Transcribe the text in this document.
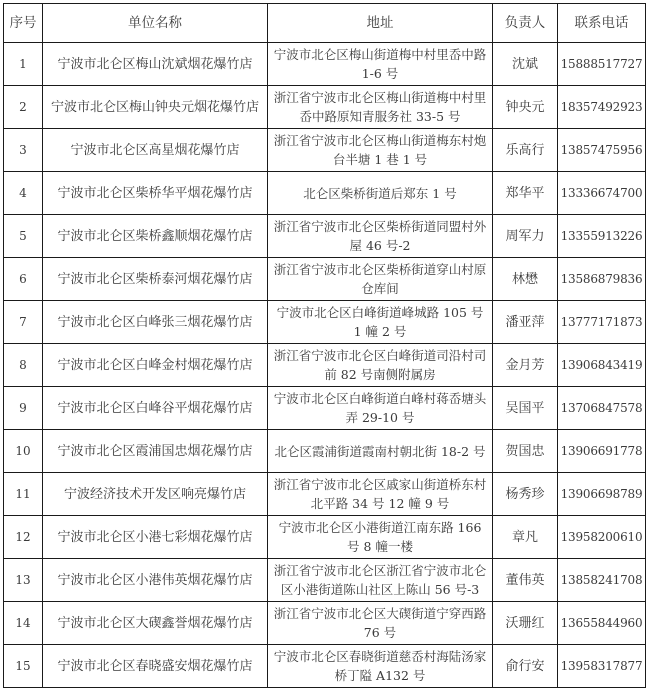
序号	单位名称	地址	负责人	联系电话
1	宁波市北仑区梅山沈斌烟花爆竹店	宁波市北仑区梅山街道梅中村里岙中路 1-6 号	沈斌	15888517727
2	宁波市北仑区梅山钟央元烟花爆竹店	浙江省宁波市北仑区梅山街道梅中村里岙中路原知青服务社 33-5 号	钟央元	18357492923
3	宁波市北仑区高星烟花爆竹店	浙江省宁波市北仑区梅山街道梅东村炮台半塘 1 巷 1 号	乐高行	13857475956
4	宁波市北仑区柴桥华平烟花爆竹店	北仑区柴桥街道后郑东 1 号	郑华平	13336674700
5	宁波市北仑区柴桥鑫顺烟花爆竹店	浙江省宁波市北仑区柴桥街道同盟村外屋 46 号-2	周军力	13355913226
6	宁波市北仑区柴桥泰河烟花爆竹店	浙江省宁波市北仑区柴桥街道穿山村原仓库间	林懋	13586879836
7	宁波市北仑区白峰张三烟花爆竹店	宁波市北仑区白峰街道峰城路 105 号 1 幢 2 号	潘亚萍	13777171873
8	宁波市北仑区白峰金村烟花爆竹店	浙江省宁波市北仑区白峰街道司沿村司前 82 号南侧附属房	金月芳	13906843419
9	宁波市北仑区白峰谷平烟花爆竹店	宁波市北仑区白峰街道白峰村蒋岙塘头弄 29-10 号	吴国平	13706847578
10	宁波市北仑区霞浦国忠烟花爆竹店	北仑区霞浦街道霞南村朝北街 18-2 号	贺国忠	13906691778
11	宁波经济技术开发区响亮爆竹店	浙江省宁波市北仑区戚家山街道桥东村北平路 34 号 12 幢 9 号	杨秀珍	13906698789
12	宁波市北仑区小港七彩烟花爆竹店	宁波市北仑区小港街道江南东路 166 号 8 幢一楼	章凡	13958200610
13	宁波市北仑区小港伟英烟花爆竹店	浙江省宁波市北仑区浙江省宁波市北仑区小港街道陈山社区上陈山 56 号-3	董伟英	13858241708
14	宁波市北仑区大碶鑫誉烟花爆竹店	浙江省宁波市北仑区大碶街道宁穿西路 76 号	沃珊红	13655844960
15	宁波市北仑区春晓盛安烟花爆竹店	宁波市北仑区春晓街道慈岙村海陆汤家桥丁隘 A132 号	俞行安	13958317877
